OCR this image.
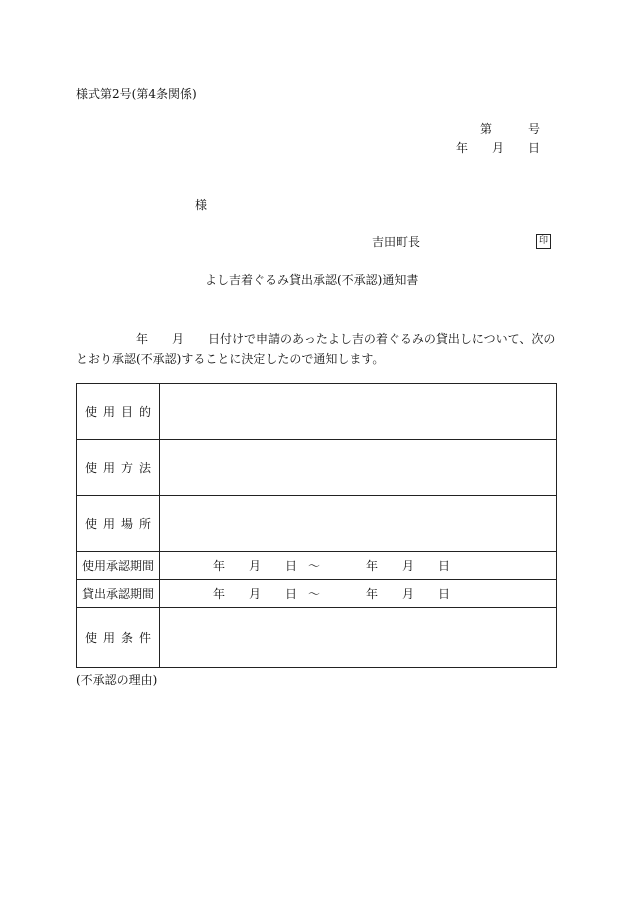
様式第2号(第4条関係)
第	号
年 月 日
様
吉田町長	印
よし吉着ぐるみ貸出承認(不承認)通知書
年 月 日付けで申請のあったよし吉の着ぐるみの貸出しについて、次の
とおり承認(不承認)することに決定したので通知します。
使用目的	
使用方法	
使用場所	
使用承認期間	年 月 日 〜 年 月 日
貸出承認期間	年 月 日 〜 年 月 日
使用条件	
(不承認の理由)
